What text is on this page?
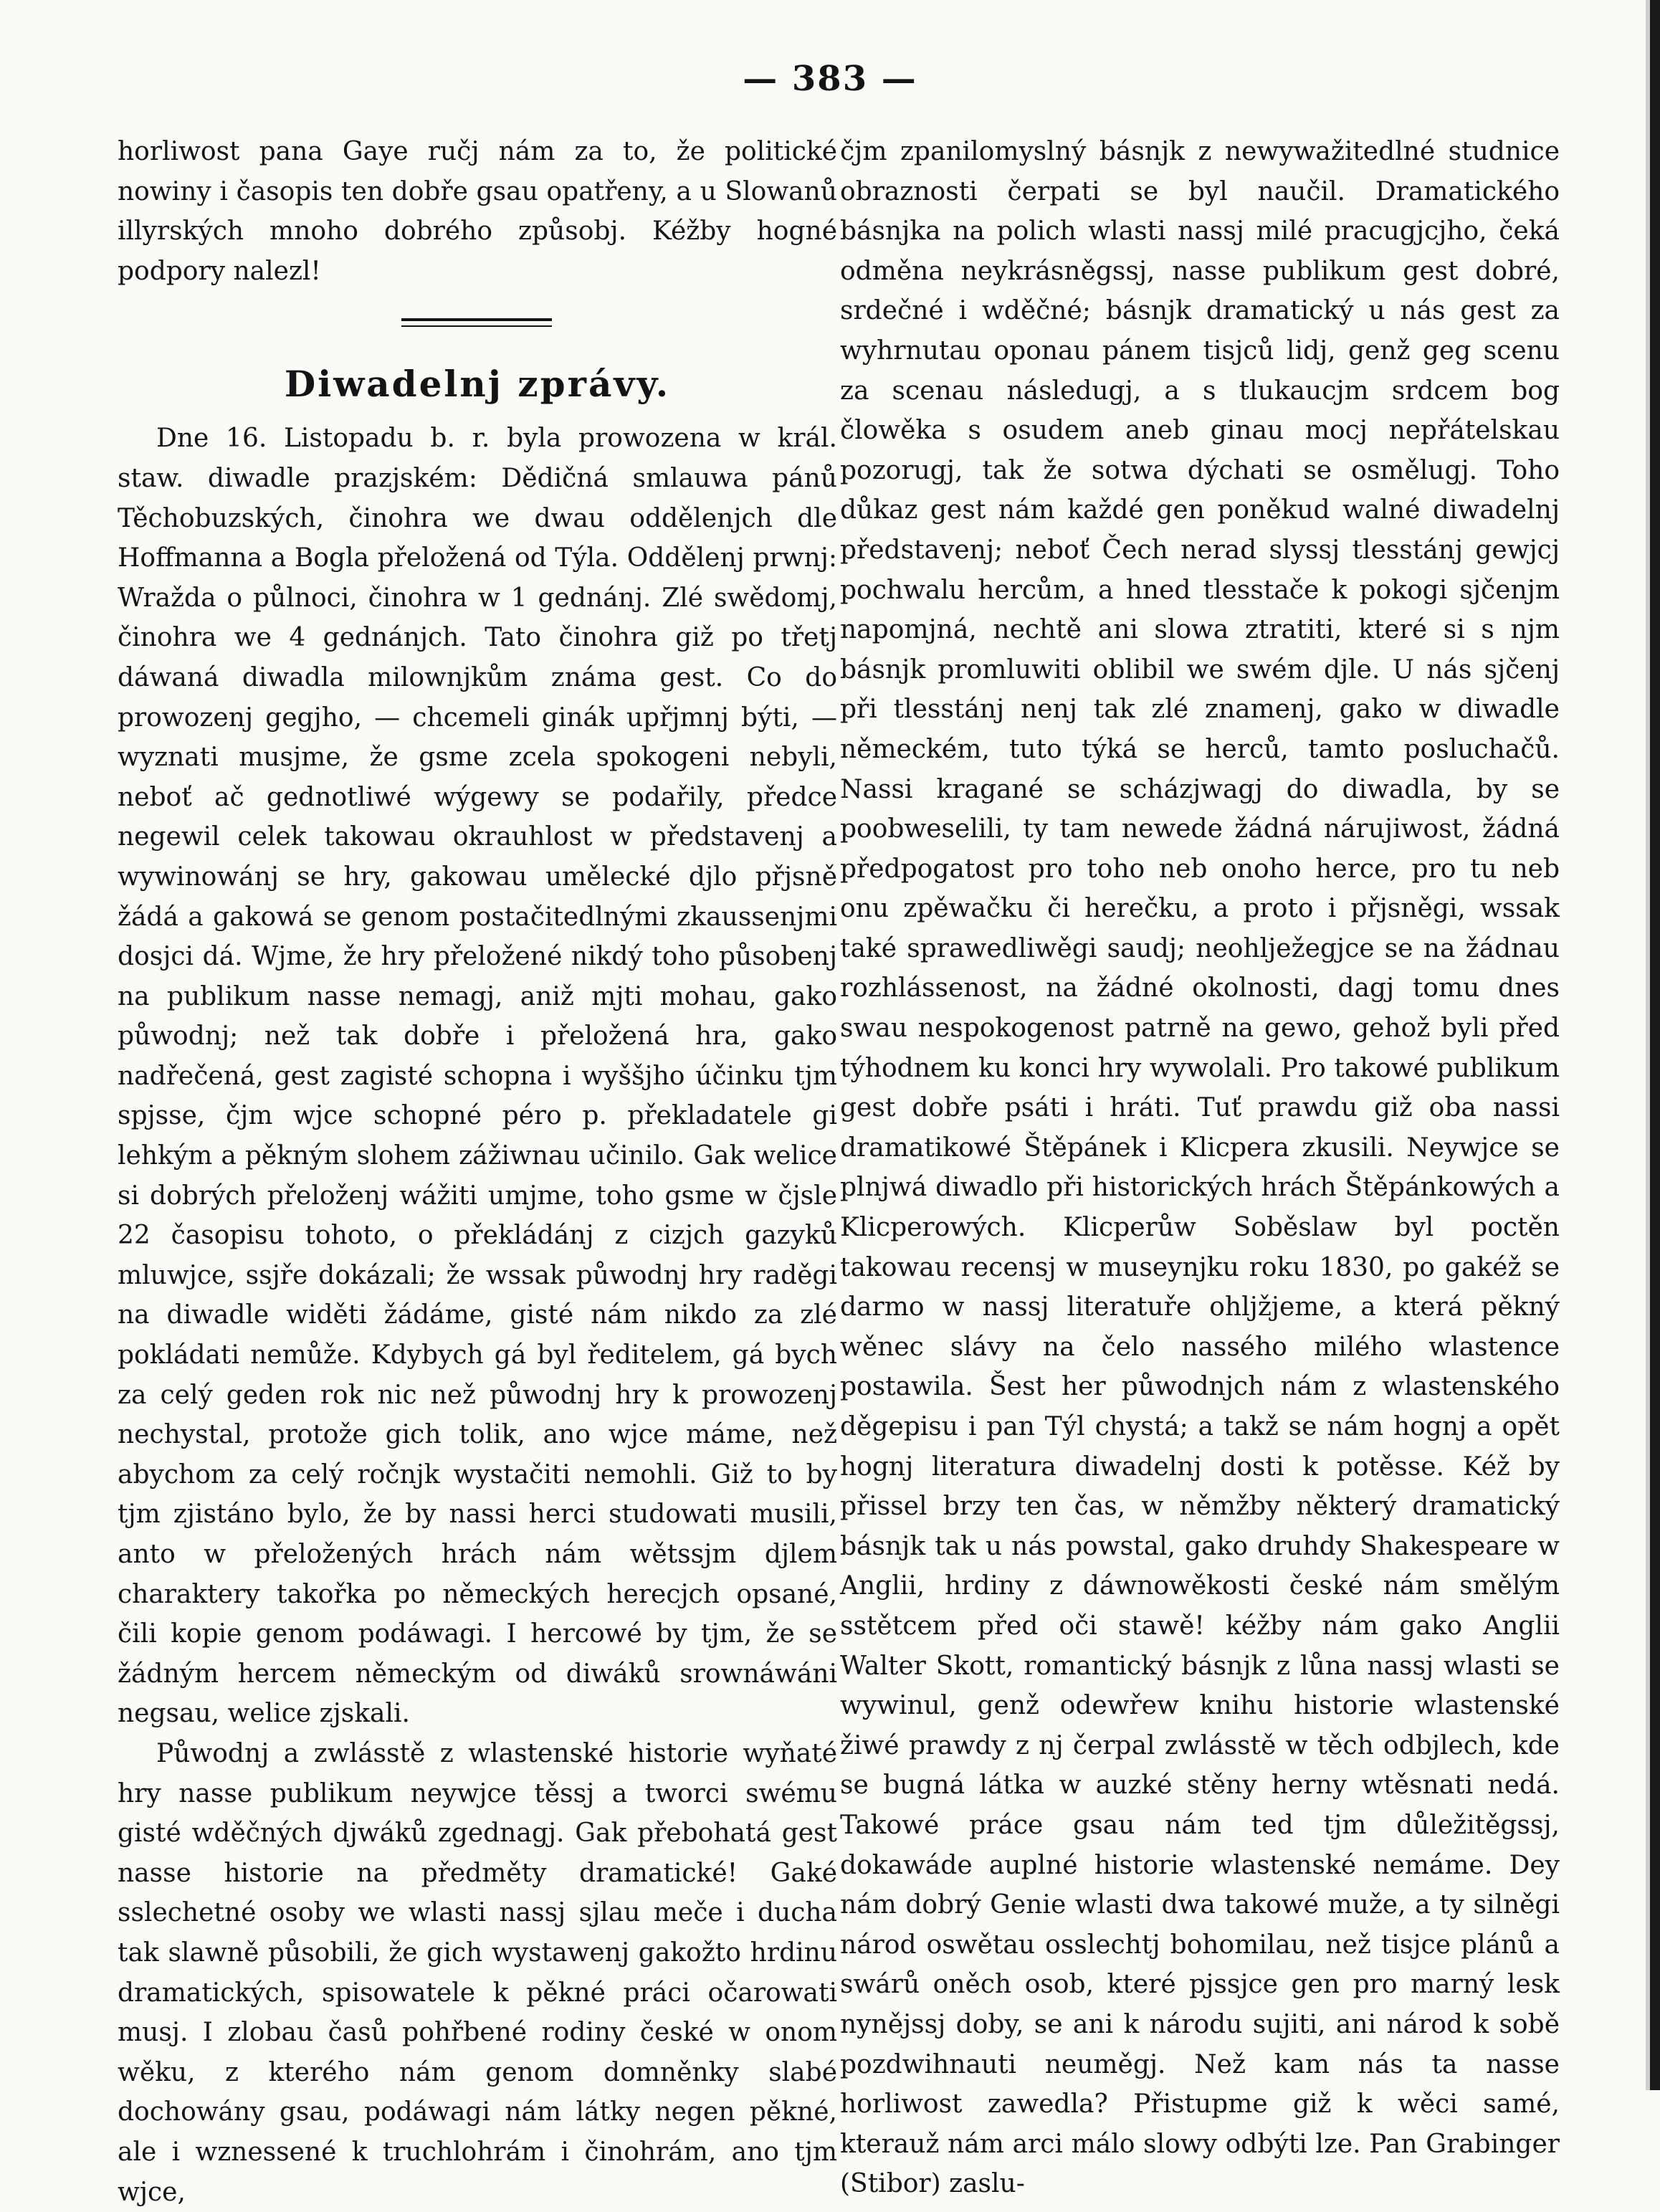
— 383 —

horliwost pana Gaye ručj nám za to, že politické nowiny i časopis ten dobře gsau opatřeny, a u Slowanů illyrských mnoho dobrého způsobj. Kéžby hogné podpory nalezl!

Diwadelnj zprávy.

Dne 16. Listopadu b. r. byla prowozena w král. staw. diwadle prazjském: Dědičná smlauwa pánů Těchobuzských, činohra we dwau oddělenjch dle Hoffmanna a Bogla přeložená od Týla. Oddělenj prwnj: Wražda o půlnoci, činohra w 1 gednánj. Zlé swědomj, činohra we 4 gednánjch. Tato činohra giž po třetj dáwaná diwadla milownjkům známa gest. Co do prowozenj gegjho, — chcemeli ginák upřjmnj býti, — wyznati musjme, že gsme zcela spokogeni nebyli, neboť ač gednotliwé wýgewy se podařily, předce negewil celek takowau okrauhlost w představenj a wywinowánj se hry, gakowau umělecké djlo přjsně žádá a gakowá se genom postačitedlnými zkaussenjmi dosjci dá. Wjme, že hry přeložené nikdý toho působenj na publikum nasse nemagj, aniž mjti mohau, gako půwodnj; než tak dobře i přeložená hra, gako nadřečená, gest zagisté schopna i wyššjho účinku tjm spjsse, čjm wjce schopné péro p. překladatele gi lehkým a pěkným slohem zážiwnau učinilo. Gak welice si dobrých přeloženj wážiti umjme, toho gsme w čjsle 22 časopisu tohoto, o překládánj z cizjch gazyků mluwjce, ssjře dokázali; že wssak půwodnj hry raděgi na diwadle widěti žádáme, gisté nám nikdo za zlé pokládati nemůže. Kdybych gá byl ředitelem, gá bych za celý geden rok nic než půwodnj hry k prowozenj nechystal, protože gich tolik, ano wjce máme, než abychom za celý ročnjk wystačiti nemohli. Giž to by tjm zjistáno bylo, že by nassi herci studowati musili, anto w přeložených hrách nám wětssjm djlem charaktery takořka po německých herecjch opsané, čili kopie genom podáwagi. I hercowé by tjm, že se žádným hercem německým od diwáků srownáwáni negsau, welice zjskali.

Půwodnj a zwlásstě z wlastenské historie wyňaté hry nasse publikum neywjce těssj a tworci swému gisté wděčných djwáků zgednagj. Gak přebohatá gest nasse historie na předměty dramatické! Gaké sslechetné osoby we wlasti nassj sjlau meče i ducha tak slawně působili, že gich wystawenj gakožto hrdinu dramatických, spisowatele k pěkné práci očarowati musj. I zlobau časů pohřbené rodiny české w onom wěku, z kterého nám genom domněnky slabé dochowány gsau, podáwagi nám látky negen pěkné, ale i wznessené k truchlohrám i činohrám, ano tjm wjce,

čjm zpanilomyslný básnjk z newywažitedlné studnice obraznosti čerpati se byl naučil. Dramatického básnjka na polich wlasti nassj milé pracugjcjho, čeká odměna neykrásněgssj, nasse publikum gest dobré, srdečné i wděčné; básnjk dramatický u nás gest za wyhrnutau oponau pánem tisjců lidj, genž geg scenu za scenau následugj, a s tlukaucjm srdcem bog člowěka s osudem aneb ginau mocj nepřátelskau pozorugj, tak že sotwa dýchati se osmělugj. Toho důkaz gest nám každé gen poněkud walné diwadelnj představenj; neboť Čech nerad slyssj tlesstánj gewjcj pochwalu hercům, a hned tlesstače k pokogi sjčenjm napomjná, nechtě ani slowa ztratiti, které si s njm básnjk promluwiti oblibil we swém djle. U nás sjčenj při tlesstánj nenj tak zlé znamenj, gako w diwadle německém, tuto týká se herců, tamto posluchačů. Nassi kragané se scházjwagj do diwadla, by se poobweselili, ty tam newede žádná nárujiwost, žádná předpogatost pro toho neb onoho herce, pro tu neb onu zpěwačku či herečku, a proto i přjsněgi, wssak také sprawedliwěgi saudj; neohlježegjce se na žádnau rozhlássenost, na žádné okolnosti, dagj tomu dnes swau nespokogenost patrně na gewo, gehož byli před týhodnem ku konci hry wywolali. Pro takowé publikum gest dobře psáti i hráti. Tuť prawdu giž oba nassi dramatikowé Štěpánek i Klicpera zkusili. Neywjce se plnjwá diwadlo při historických hrách Štěpánkowých a Klicperowých. Klicperůw Soběslaw byl poctěn takowau recensj w museynjku roku 1830, po gakéž se darmo w nassj literatuře ohljžjeme, a která pěkný wěnec slávy na čelo nassého milého wlastence postawila. Šest her půwodnjch nám z wlastenského děgepisu i pan Týl chystá; a takž se nám hognj a opět hognj literatura diwadelnj dosti k potěsse. Kéž by přissel brzy ten čas, w němžby některý dramatický básnjk tak u nás powstal, gako druhdy Shakespeare w Anglii, hrdiny z dáwnowěkosti české nám smělým sstětcem před oči stawě! kéžby nám gako Anglii Walter Skott, romantický básnjk z lůna nassj wlasti se wywinul, genž odewřew knihu historie wlastenské žiwé prawdy z nj čerpal zwlásstě w těch odbjlech, kde se bugná látka w auzké stěny herny wtěsnati nedá. Takowé práce gsau nám ted tjm důležitěgssj, dokawáde auplné historie wlastenské nemáme. Dey nám dobrý Genie wlasti dwa takowé muže, a ty silněgi národ oswětau osslechtj bohomilau, než tisjce plánů a swárů oněch osob, které pjssjce gen pro marný lesk nynějssj doby, se ani k národu sujiti, ani národ k sobě pozdwihnauti neuměgj. Než kam nás ta nasse horliwost zawedla? Přistupme giž k wěci samé, kterauž nám arci málo slowy odbýti lze. Pan Grabinger (Stibor) zaslu-
